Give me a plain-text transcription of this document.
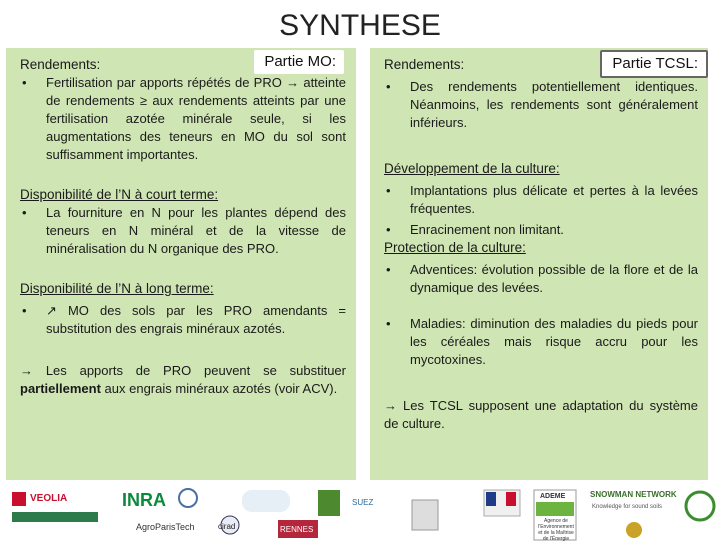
SYNTHESE
Partie MO:
Rendements:
•	Fertilisation par apports répétés de PRO → atteinte de rendements ≥ aux rendements atteints par une fertilisation azotée minérale seule, si les augmentations des teneurs en MO du sol sont suffisamment importantes.
Disponibilité de l’N à court terme:
•	La fourniture en N pour les plantes dépend des teneurs en N minéral et de la vitesse de minéralisation du N organique des PRO.
Disponibilité de l’N à long terme:
•	↗ MO des sols par les PRO amendants = substitution des engrais minéraux azotés.
→ Les apports de PRO peuvent se substituer partiellement aux engrais minéraux azotés (voir ACV).
Partie TCSL:
Rendements:
•	Des rendements potentiellement identiques. Néanmoins, les rendements sont généralement inférieurs.
Développement de la culture:
•	Implantations plus délicate et pertes à la levées fréquentes.
•	Enracinement non limitant.
Protection de la culture:
•	Adventices: évolution possible de la flore et de la dynamique des levées.
•	Maladies: diminution des maladies du pieds pour les céréales mais risque accru pour les mycotoxines.
→ Les TCSL supposent une adaptation du système de culture.
VEOLIA	INRA
AgroParisTech	cirad	RENNES
SUEZ
ADEME
Agence de l'Environnement et de la Maîtrise de l'Énergie
SNOWMAN NETWORK
Knowledge for sound soils
